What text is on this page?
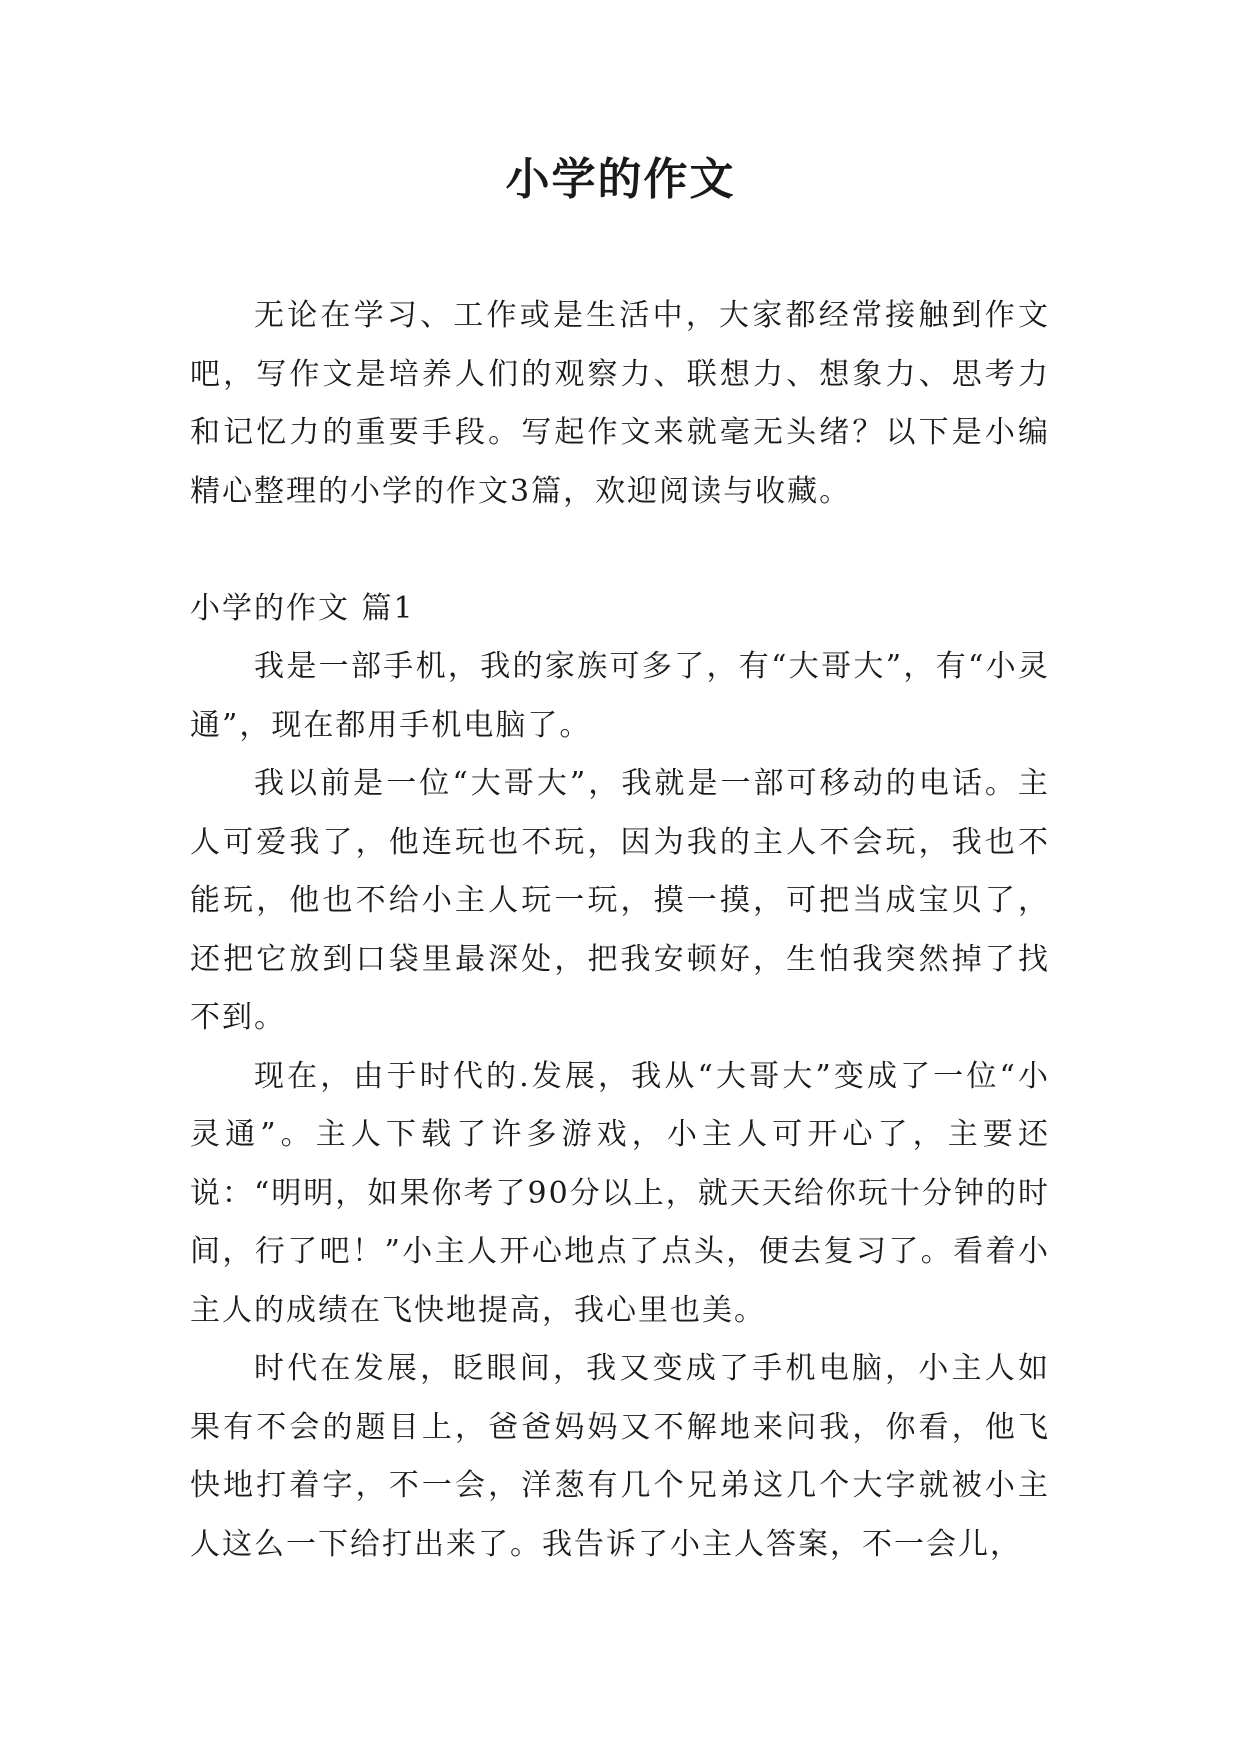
小学的作文

无论在学习、工作或是生活中，大家都经常接触到作文吧，写作文是培养人们的观察力、联想力、想象力、思考力和记忆力的重要手段。写起作文来就毫无头绪？以下是小编精心整理的小学的作文3篇，欢迎阅读与收藏。

小学的作文 篇1

我是一部手机，我的家族可多了，有“大哥大”，有“小灵通”，现在都用手机电脑了。

我以前是一位“大哥大”，我就是一部可移动的电话。主人可爱我了，他连玩也不玩，因为我的主人不会玩，我也不能玩，他也不给小主人玩一玩，摸一摸，可把当成宝贝了，还把它放到口袋里最深处，把我安顿好，生怕我突然掉了找不到。

现在，由于时代的.发展，我从“大哥大”变成了一位“小灵通”。主人下载了许多游戏，小主人可开心了，主要还说：“明明，如果你考了90分以上，就天天给你玩十分钟的时间，行了吧！”小主人开心地点了点头，便去复习了。看着小主人的成绩在飞快地提高，我心里也美。

时代在发展，眨眼间，我又变成了手机电脑，小主人如果有不会的题目上，爸爸妈妈又不解地来问我，你看，他飞快地打着字，不一会，洋葱有几个兄弟这几个大字就被小主人这么一下给打出来了。我告诉了小主人答案，不一会儿，
